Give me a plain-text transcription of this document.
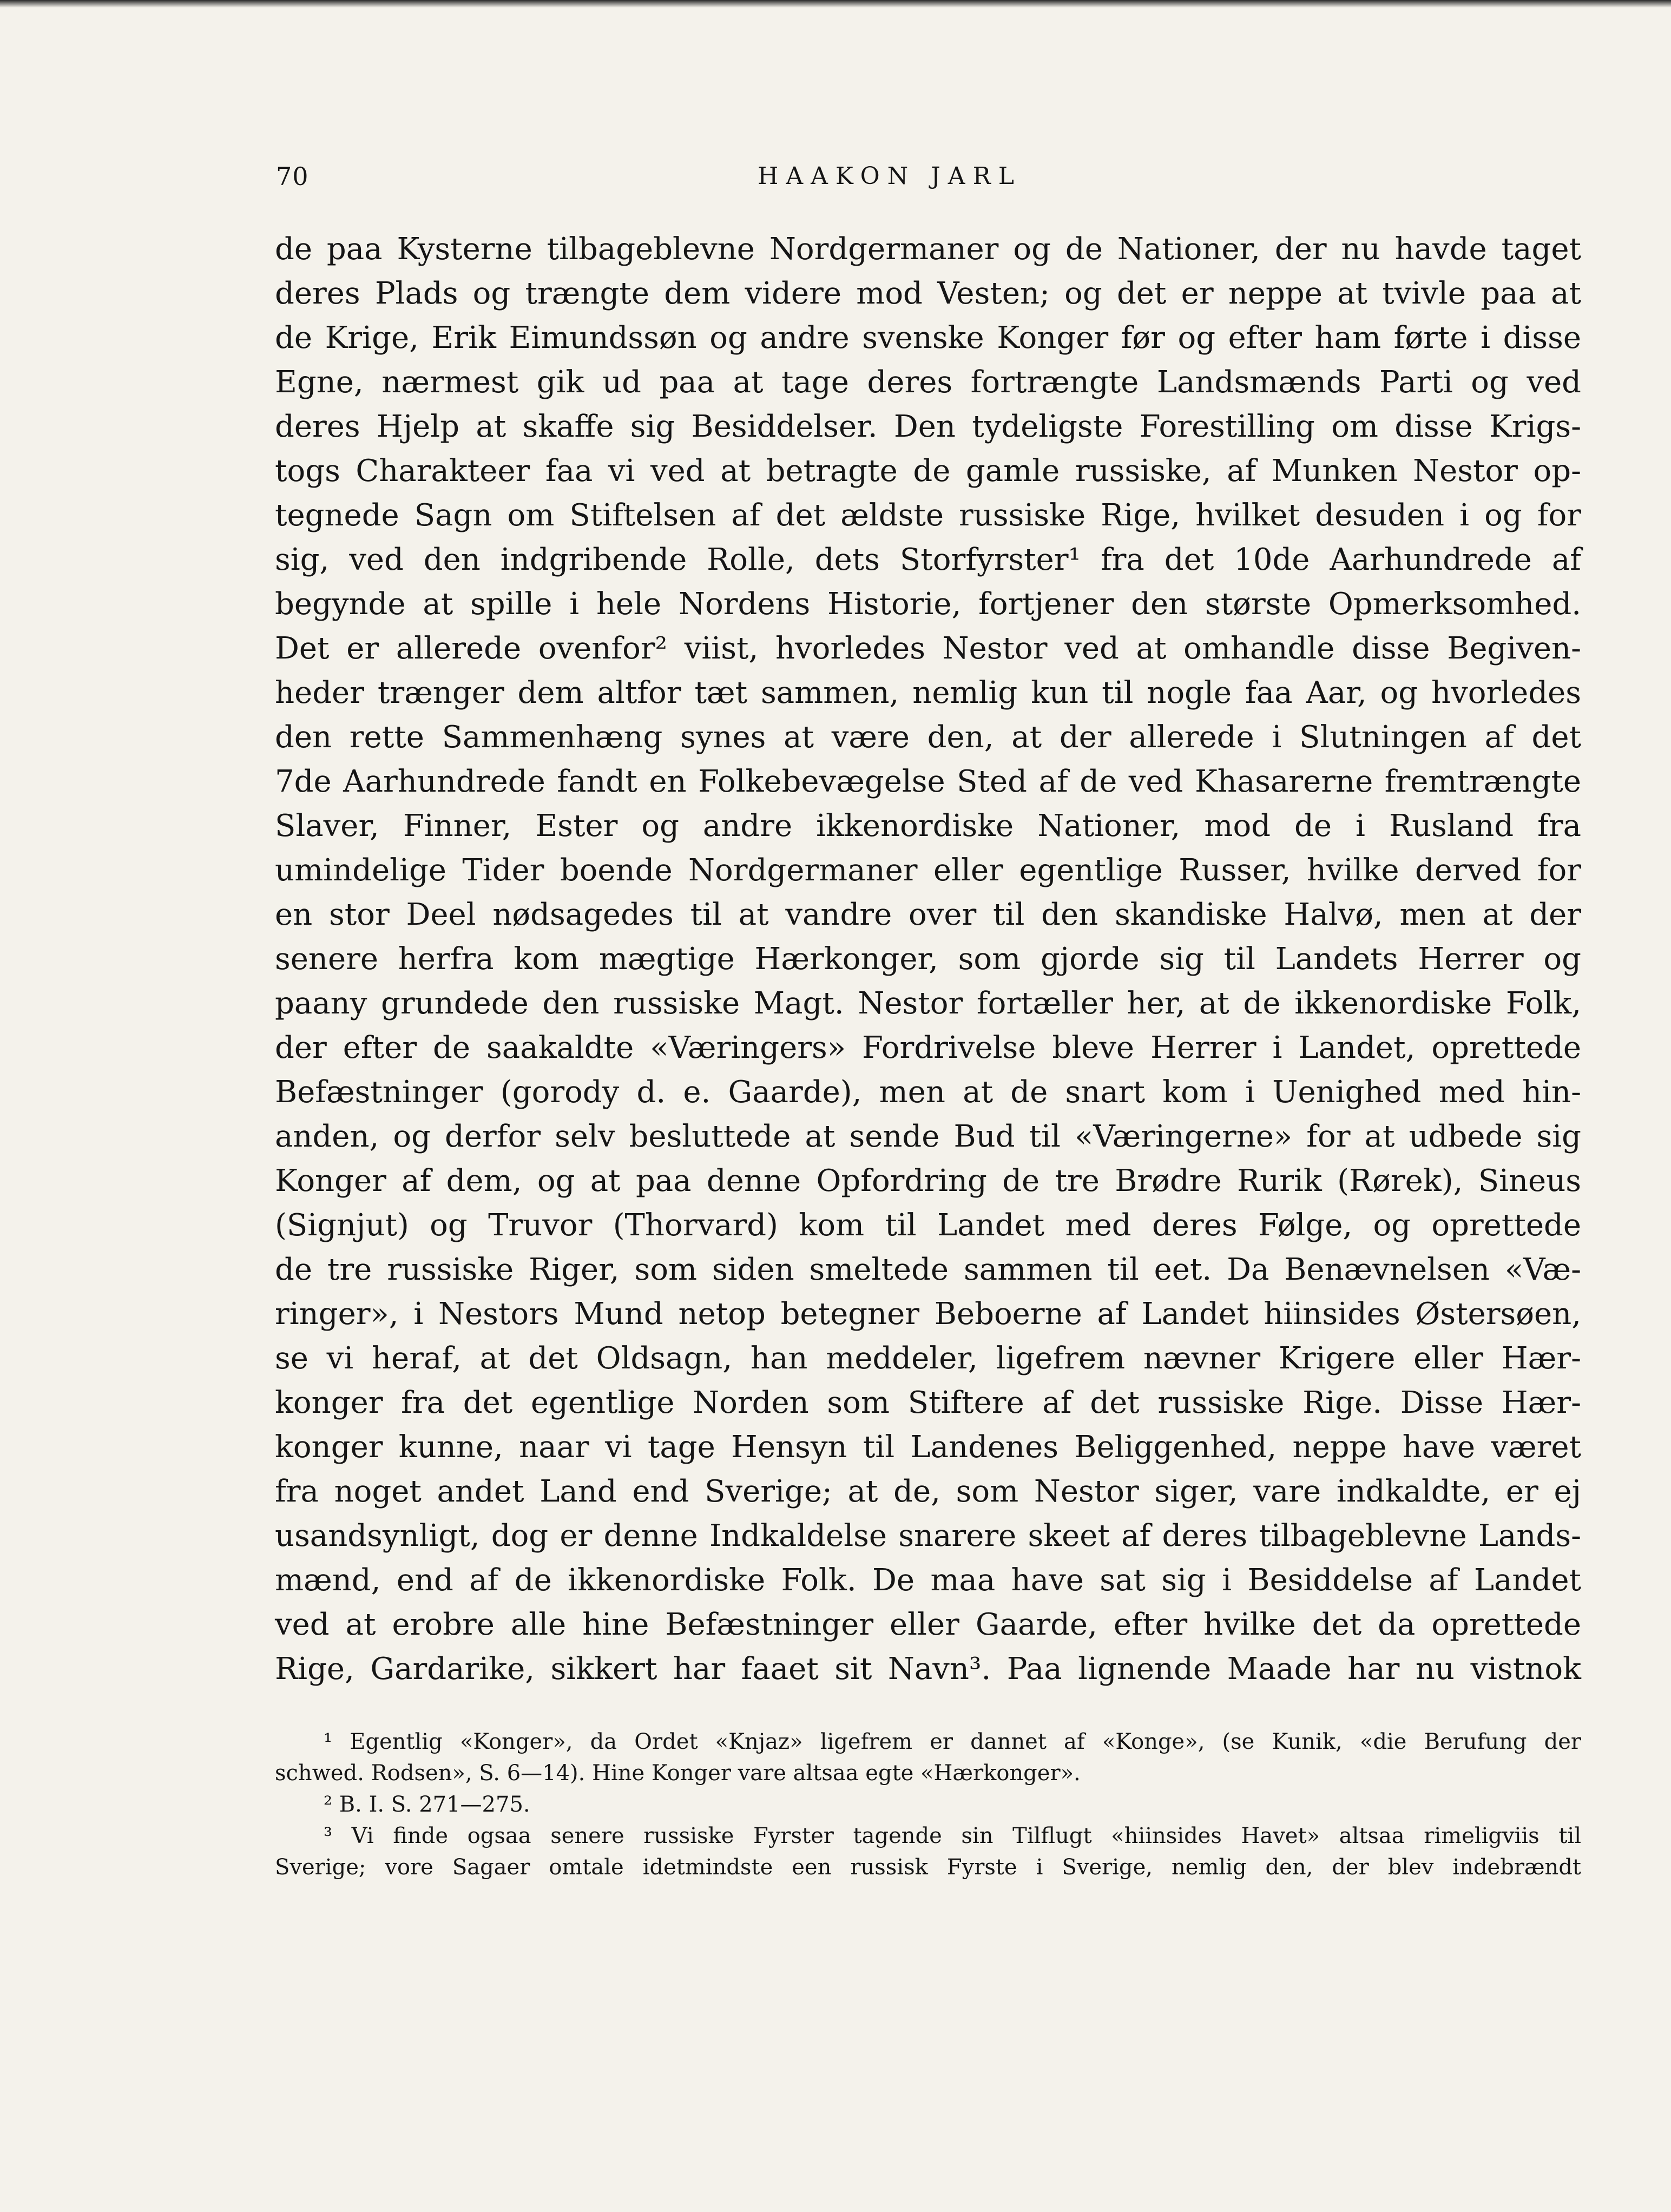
70	HAAKON JARL
de paa Kysterne tilbageblevne Nordgermaner og de Nationer, der nu havde taget
deres Plads og trængte dem videre mod Vesten; og det er neppe at tvivle paa at
de Krige, Erik Eimundssøn og andre svenske Konger før og efter ham førte i disse
Egne, nærmest gik ud paa at tage deres fortrængte Landsmænds Parti og ved
deres Hjelp at skaffe sig Besiddelser. Den tydeligste Forestilling om disse Krigs-
togs Charakteer faa vi ved at betragte de gamle russiske, af Munken Nestor op-
tegnede Sagn om Stiftelsen af det ældste russiske Rige, hvilket desuden i og for
sig, ved den indgribende Rolle, dets Storfyrster¹ fra det 10de Aarhundrede af
begynde at spille i hele Nordens Historie, fortjener den største Opmerksomhed.
Det er allerede ovenfor² viist, hvorledes Nestor ved at omhandle disse Begiven-
heder trænger dem altfor tæt sammen, nemlig kun til nogle faa Aar, og hvorledes
den rette Sammenhæng synes at være den, at der allerede i Slutningen af det
7de Aarhundrede fandt en Folkebevægelse Sted af de ved Khasarerne fremtrængte
Slaver, Finner, Ester og andre ikkenordiske Nationer, mod de i Rusland fra
umindelige Tider boende Nordgermaner eller egentlige Russer, hvilke derved for
en stor Deel nødsagedes til at vandre over til den skandiske Halvø, men at der
senere herfra kom mægtige Hærkonger, som gjorde sig til Landets Herrer og
paany grundede den russiske Magt. Nestor fortæller her, at de ikkenordiske Folk,
der efter de saakaldte «Væringers» Fordrivelse bleve Herrer i Landet, oprettede
Befæstninger (gorody d. e. Gaarde), men at de snart kom i Uenighed med hin-
anden, og derfor selv besluttede at sende Bud til «Væringerne» for at udbede sig
Konger af dem, og at paa denne Opfordring de tre Brødre Rurik (Rørek), Sineus
(Signjut) og Truvor (Thorvard) kom til Landet med deres Følge, og oprettede
de tre russiske Riger, som siden smeltede sammen til eet. Da Benævnelsen «Væ-
ringer», i Nestors Mund netop betegner Beboerne af Landet hiinsides Østersøen,
se vi heraf, at det Oldsagn, han meddeler, ligefrem nævner Krigere eller Hær-
konger fra det egentlige Norden som Stiftere af det russiske Rige. Disse Hær-
konger kunne, naar vi tage Hensyn til Landenes Beliggenhed, neppe have været
fra noget andet Land end Sverige; at de, som Nestor siger, vare indkaldte, er ej
usandsynligt, dog er denne Indkaldelse snarere skeet af deres tilbageblevne Lands-
mænd, end af de ikkenordiske Folk. De maa have sat sig i Besiddelse af Landet
ved at erobre alle hine Befæstninger eller Gaarde, efter hvilke det da oprettede
Rige, Gardarike, sikkert har faaet sit Navn³. Paa lignende Maade har nu vistnok
¹ Egentlig «Konger», da Ordet «Knjaz» ligefrem er dannet af «Konge», (se Kunik, «die Berufung der
schwed. Rodsen», S. 6—14). Hine Konger vare altsaa egte «Hærkonger».
² B. I. S. 271—275.
³ Vi finde ogsaa senere russiske Fyrster tagende sin Tilflugt «hiinsides Havet» altsaa rimeligviis til
Sverige; vore Sagaer omtale idetmindste een russisk Fyrste i Sverige, nemlig den, der blev indebrændt
